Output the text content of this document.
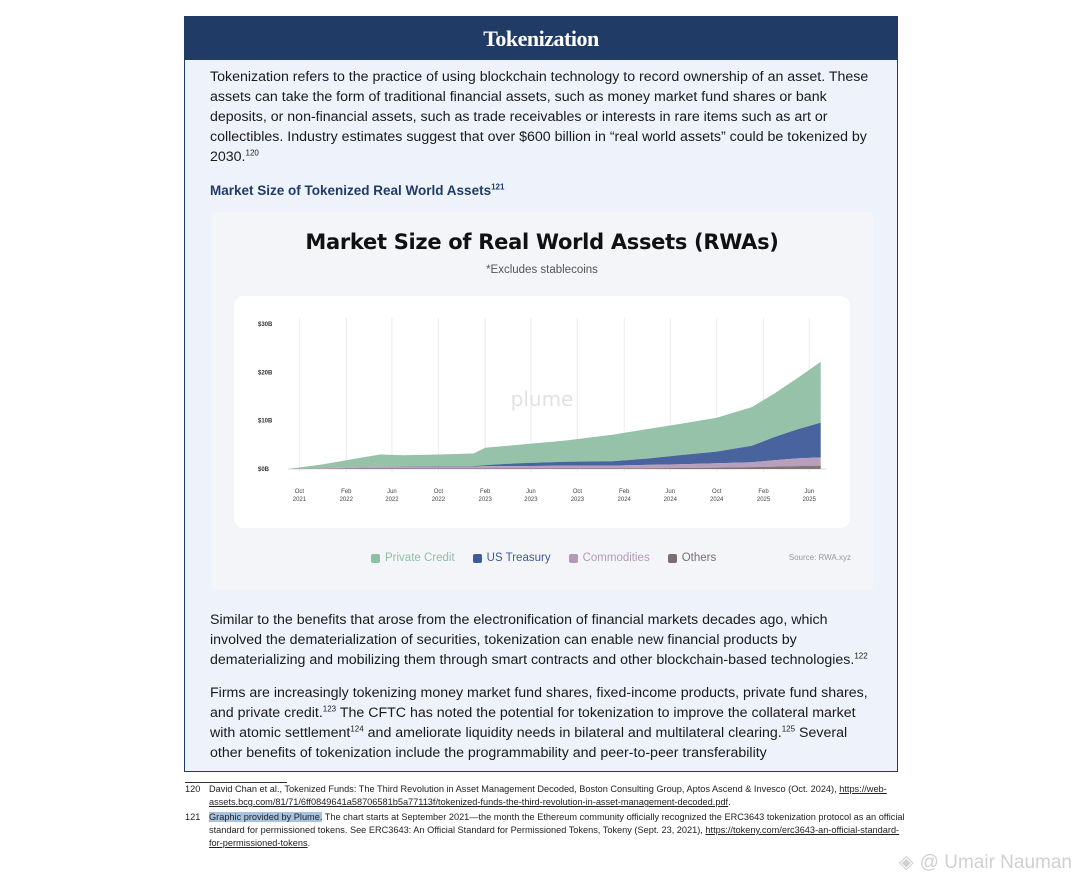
Tokenization
Tokenization refers to the practice of using blockchain technology to record ownership of an asset. These assets can take the form of traditional financial assets, such as money market fund shares or bank deposits, or non-financial assets, such as trade receivables or interests in rare items such as art or collectibles. Industry estimates suggest that over $600 billion in “real world assets” could be tokenized by 2030.$^{120}$
Market Size of Tokenized Real World Assets$^{121}$
Market Size of Real World Assets (RWAs)
*Excludes stablecoins
Oct 2021
Feb 2022
Jun 2022
Oct 2022
Feb 2023
Jun 2023
Oct 2023
Feb 2024
Jun 2024
Oct 2024
Feb 2025
Jun 2025
$0B
$10B
$20B
$30B
plume
Private Credit	US Treasury	Commodities	Others	Source: RWA.xyz
Similar to the benefits that arose from the electronification of financial markets decades ago, which involved the dematerialization of securities, tokenization can enable new financial products by dematerializing and mobilizing them through smart contracts and other blockchain-based technologies.$^{122}$
Firms are increasingly tokenizing money market fund shares, fixed-income products, private fund shares, and private credit.$^{123}$ The CFTC has noted the potential for tokenization to improve the collateral market with atomic settlement$^{124}$ and ameliorate liquidity needs in bilateral and multilateral clearing.$^{125}$ Several other benefits of tokenization include the programmability and peer-to-peer transferability
120 David Chan et al., Tokenized Funds: The Third Revolution in Asset Management Decoded, Boston Consulting Group, Aptos Ascend & Invesco (Oct. 2024), https://web-assets.bcg.com/81/71/6ff0849641a58706581b5a77113f/tokenized-funds-the-third-revolution-in-asset-management-decoded.pdf.
121 Graphic provided by Plume. The chart starts at September 2021—the month the Ethereum community officially recognized the ERC3643 tokenization protocol as an official standard for permissioned tokens. See ERC3643: An Official Standard for Permissioned Tokens, Tokeny (Sept. 23, 2021), https://tokeny.com/erc3643-an-official-standard-for-permissioned-tokens.
◈ @ Umair Nauman
